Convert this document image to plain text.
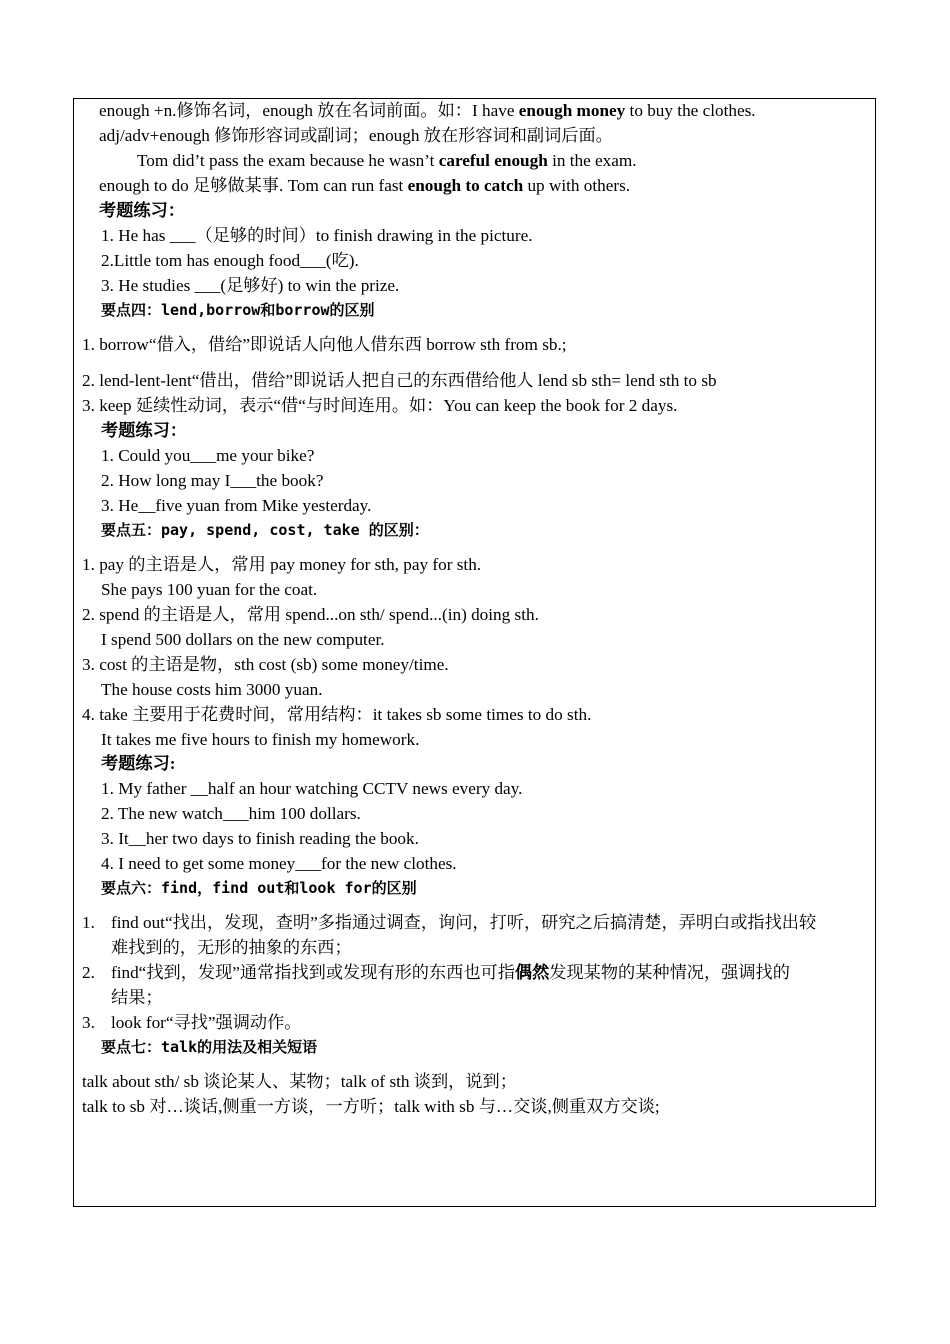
enough +n.修饰名词，enough 放在名词前面。如：I have enough money to buy the clothes.
adj/adv+enough 修饰形容词或副词；enough 放在形容词和副词后面。
Tom did’t pass the exam because he wasn’t careful enough in the exam.
enough to do 足够做某事. Tom can run fast enough to catch up with others.
考题练习：
1. He has ___（足够的时间）to finish drawing in the picture.
2.Little tom has enough food___(吃).
3. He studies ___(足够好) to win the prize.
要点四：lend,borrow和borrow的区别
1. borrow“借入，借给”即说话人向他人借东西 borrow sth from sb.;
2. lend-lent-lent“借出，借给”即说话人把自己的东西借给他人 lend sb sth= lend sth to sb
3. keep 延续性动词，表示“借“与时间连用。如：You can keep the book for 2 days.
考题练习：
1. Could you___me your bike?
2. How long may I___the book?
3. He__five yuan from Mike yesterday.
要点五：pay, spend, cost, take 的区别：
1. pay 的主语是人，常用 pay money for sth, pay for sth.
She pays 100 yuan for the coat.
2. spend 的主语是人，常用 spend...on sth/ spend...(in) doing sth.
I spend 500 dollars on the new computer.
3. cost 的主语是物，sth cost (sb) some money/time.
The house costs him 3000 yuan.
4. take 主要用于花费时间，常用结构：it takes sb some times to do sth.
It takes me five hours to finish my homework.
考题练习:
1. My father __half an hour watching CCTV news every day.
2. The new watch___him 100 dollars.
3. It__her two days to finish reading the book.
4. I need to get some money___for the new clothes.
要点六：find，find out和look for的区别
1. find out“找出，发现，查明”多指通过调查，询问，打听，研究之后搞清楚，弄明白或指找出较
难找到的，无形的抽象的东西；
2. find“找到，发现”通常指找到或发现有形的东西也可指偶然发现某物的某种情况，强调找的
结果；
3. look for“寻找”强调动作。
要点七：talk的用法及相关短语
talk about sth/ sb 谈论某人、某物；talk of sth 谈到，说到；
talk to sb 对…谈话,侧重一方谈，一方听；talk with sb 与…交谈,侧重双方交谈;
